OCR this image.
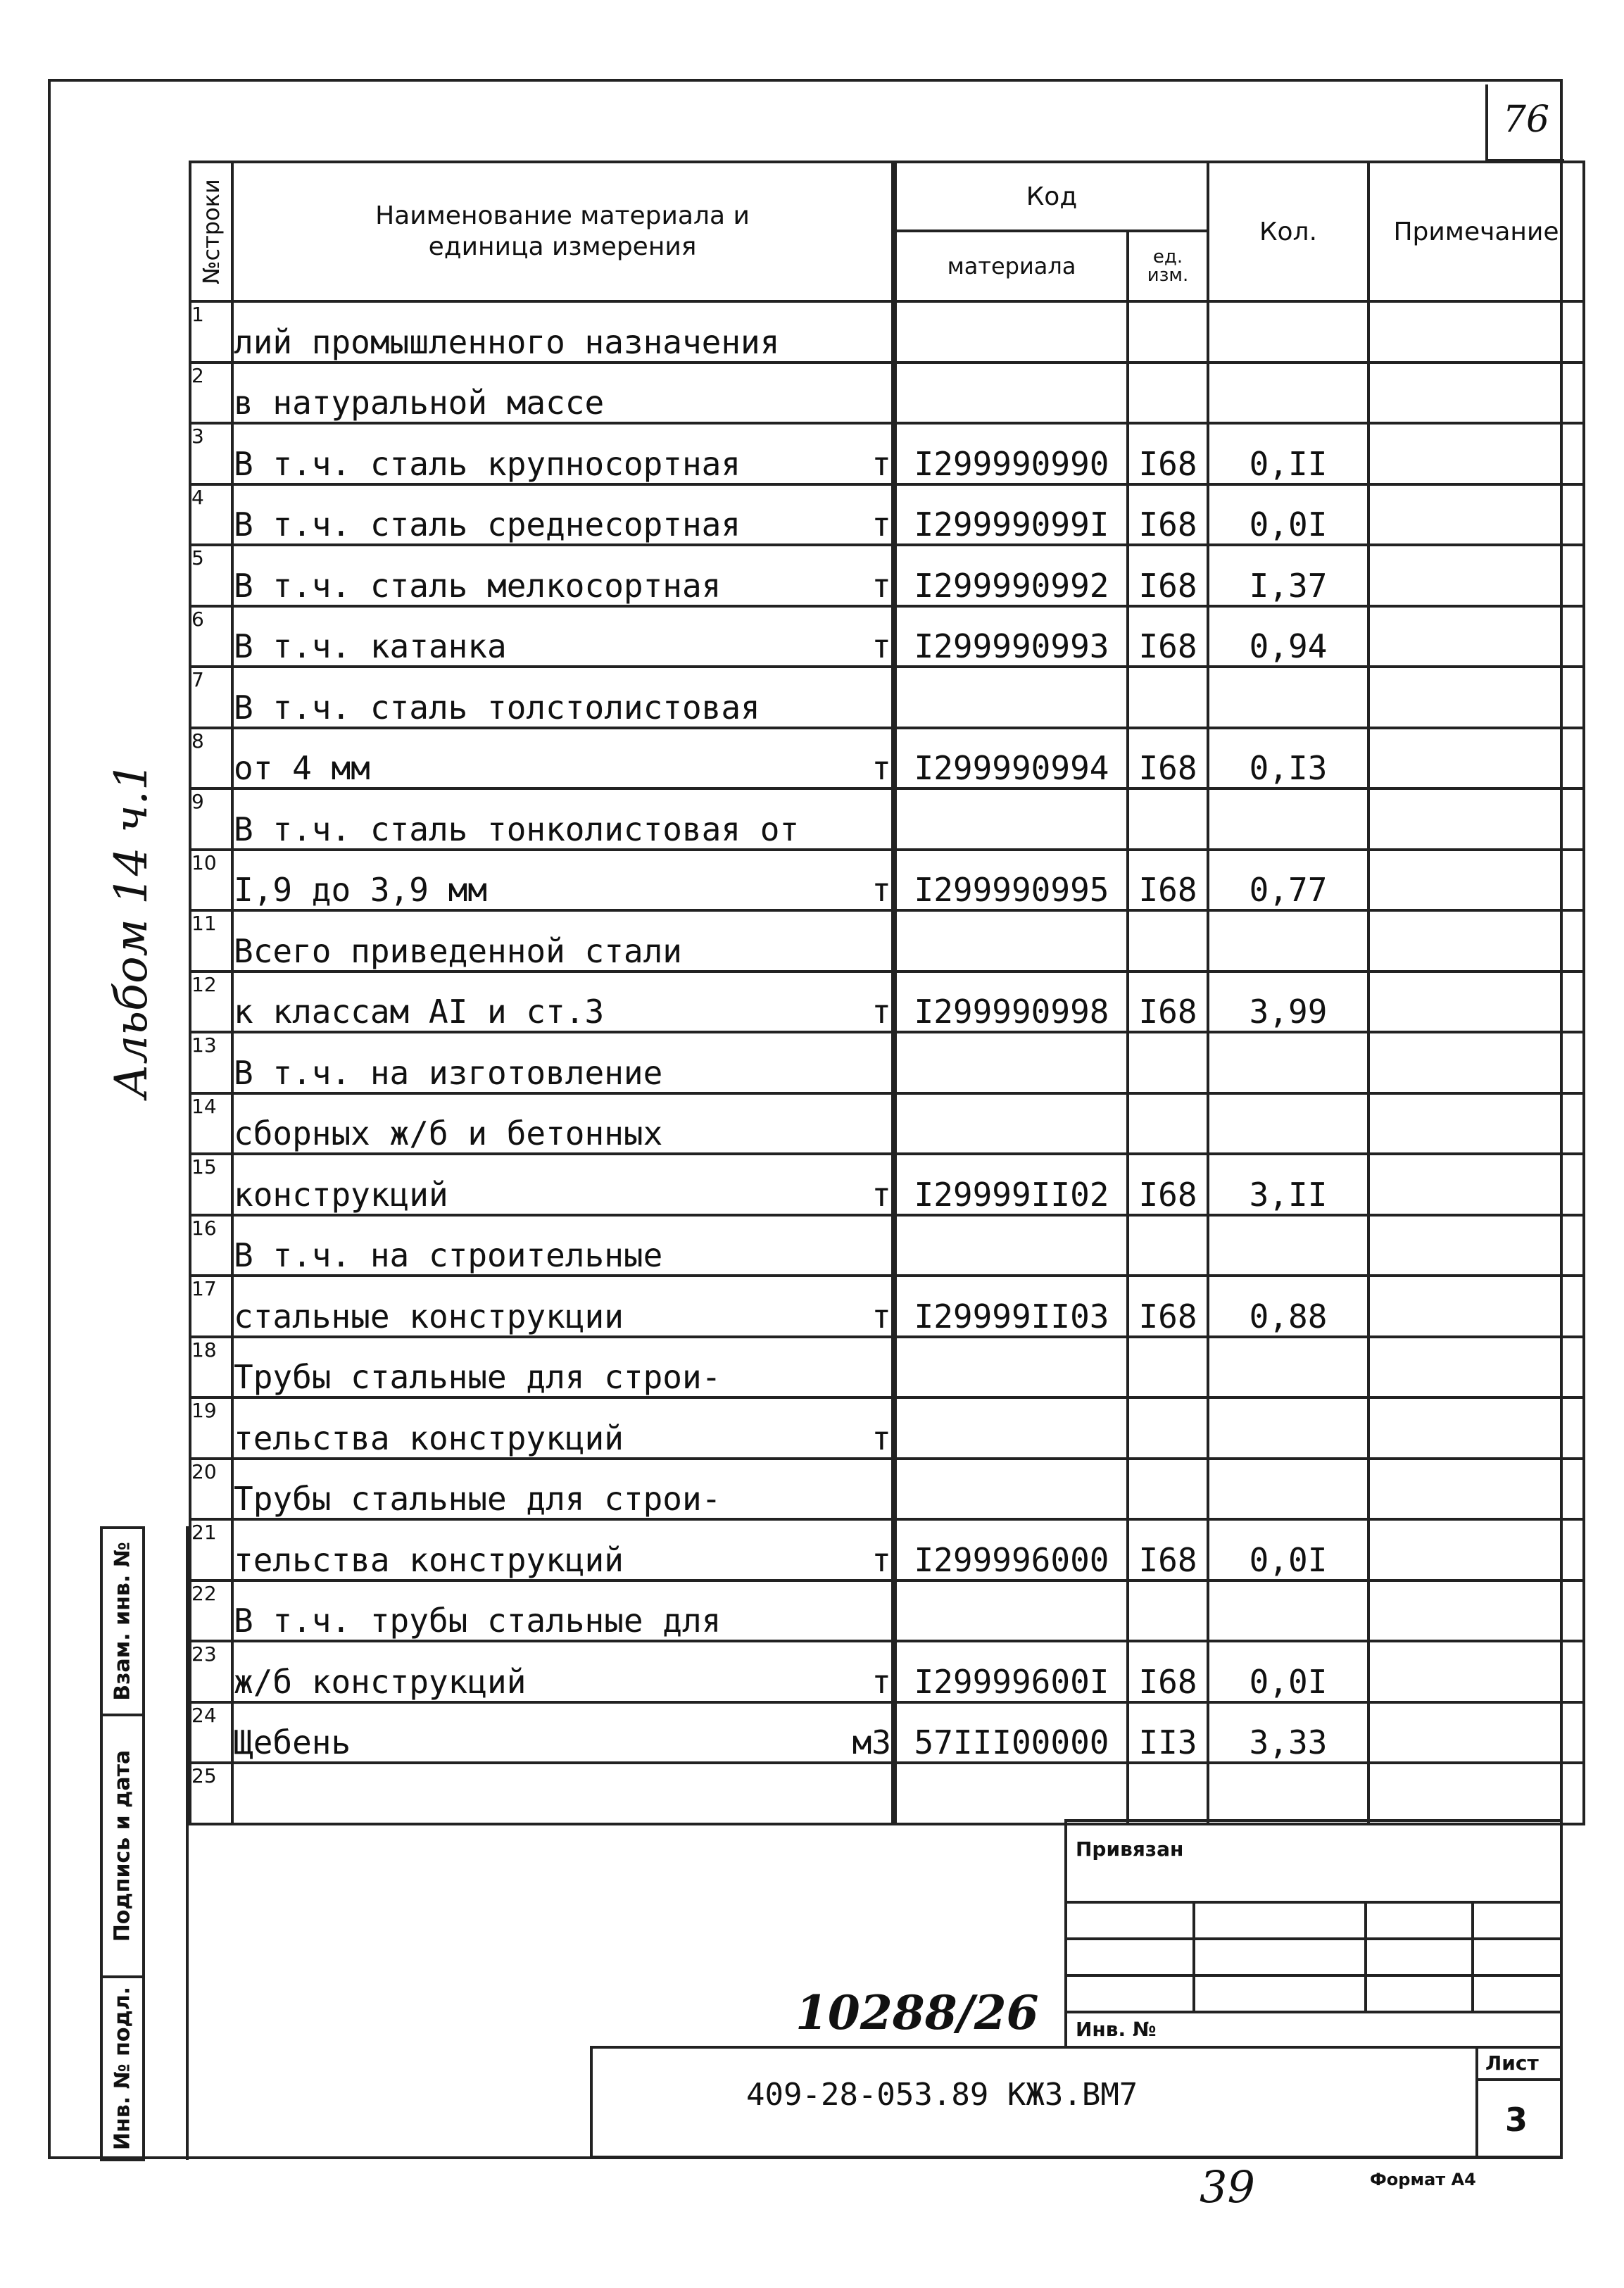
76
Альбом 14 ч.1
№строки	Наименование материала и единица измерения	Код		Кол.	Примечание
		материала	ед. изм.		
1	лий промышленного назначения				

2	в натуральной массе				

3	В т.ч. сталь крупносортная т	I299990990	I68	0,II	
4	В т.ч. сталь среднесортная т	I29999099I	I68	0,0I	
5	В т.ч. сталь мелкосортная т	I299990992	I68	I,37	
6	В т.ч. катанка т	I299990993	I68	0,94	
7	В т.ч. сталь толстолистовая				

8	от 4 мм т	I299990994	I68	0,I3	
9	В т.ч. сталь тонколистовая от				

10	I,9 до 3,9 мм т	I299990995	I68	0,77	
11	Всего приведенной стали				

12	к классам АI и ст.3 т	I299990998	I68	3,99	
13	В т.ч. на изготовление				

14	сборных ж/б и бетонных				

15	конструкций т	I29999II02	I68	3,II	
16	В т.ч. на строительные				

17	стальные конструкции т	I29999II03	I68	0,88	
18	Трубы стальные для строи-				

19	тельства конструкций т				

20	Трубы стальные для строи-				

21	тельства конструкций т	I299996000	I68	0,0I	
22	В т.ч. трубы стальные для				

23	ж/б конструкций т	I29999600I	I68	0,0I	
24	Щебень м3	57III00000	II3	3,33	
25	

Взам. инв. №
Подпись и дата
Инв. № подл.
Привязан
Инв. №
409-28-053.89 КЖ3.ВМ7
Лист
3
10288/26
39	Формат А4
